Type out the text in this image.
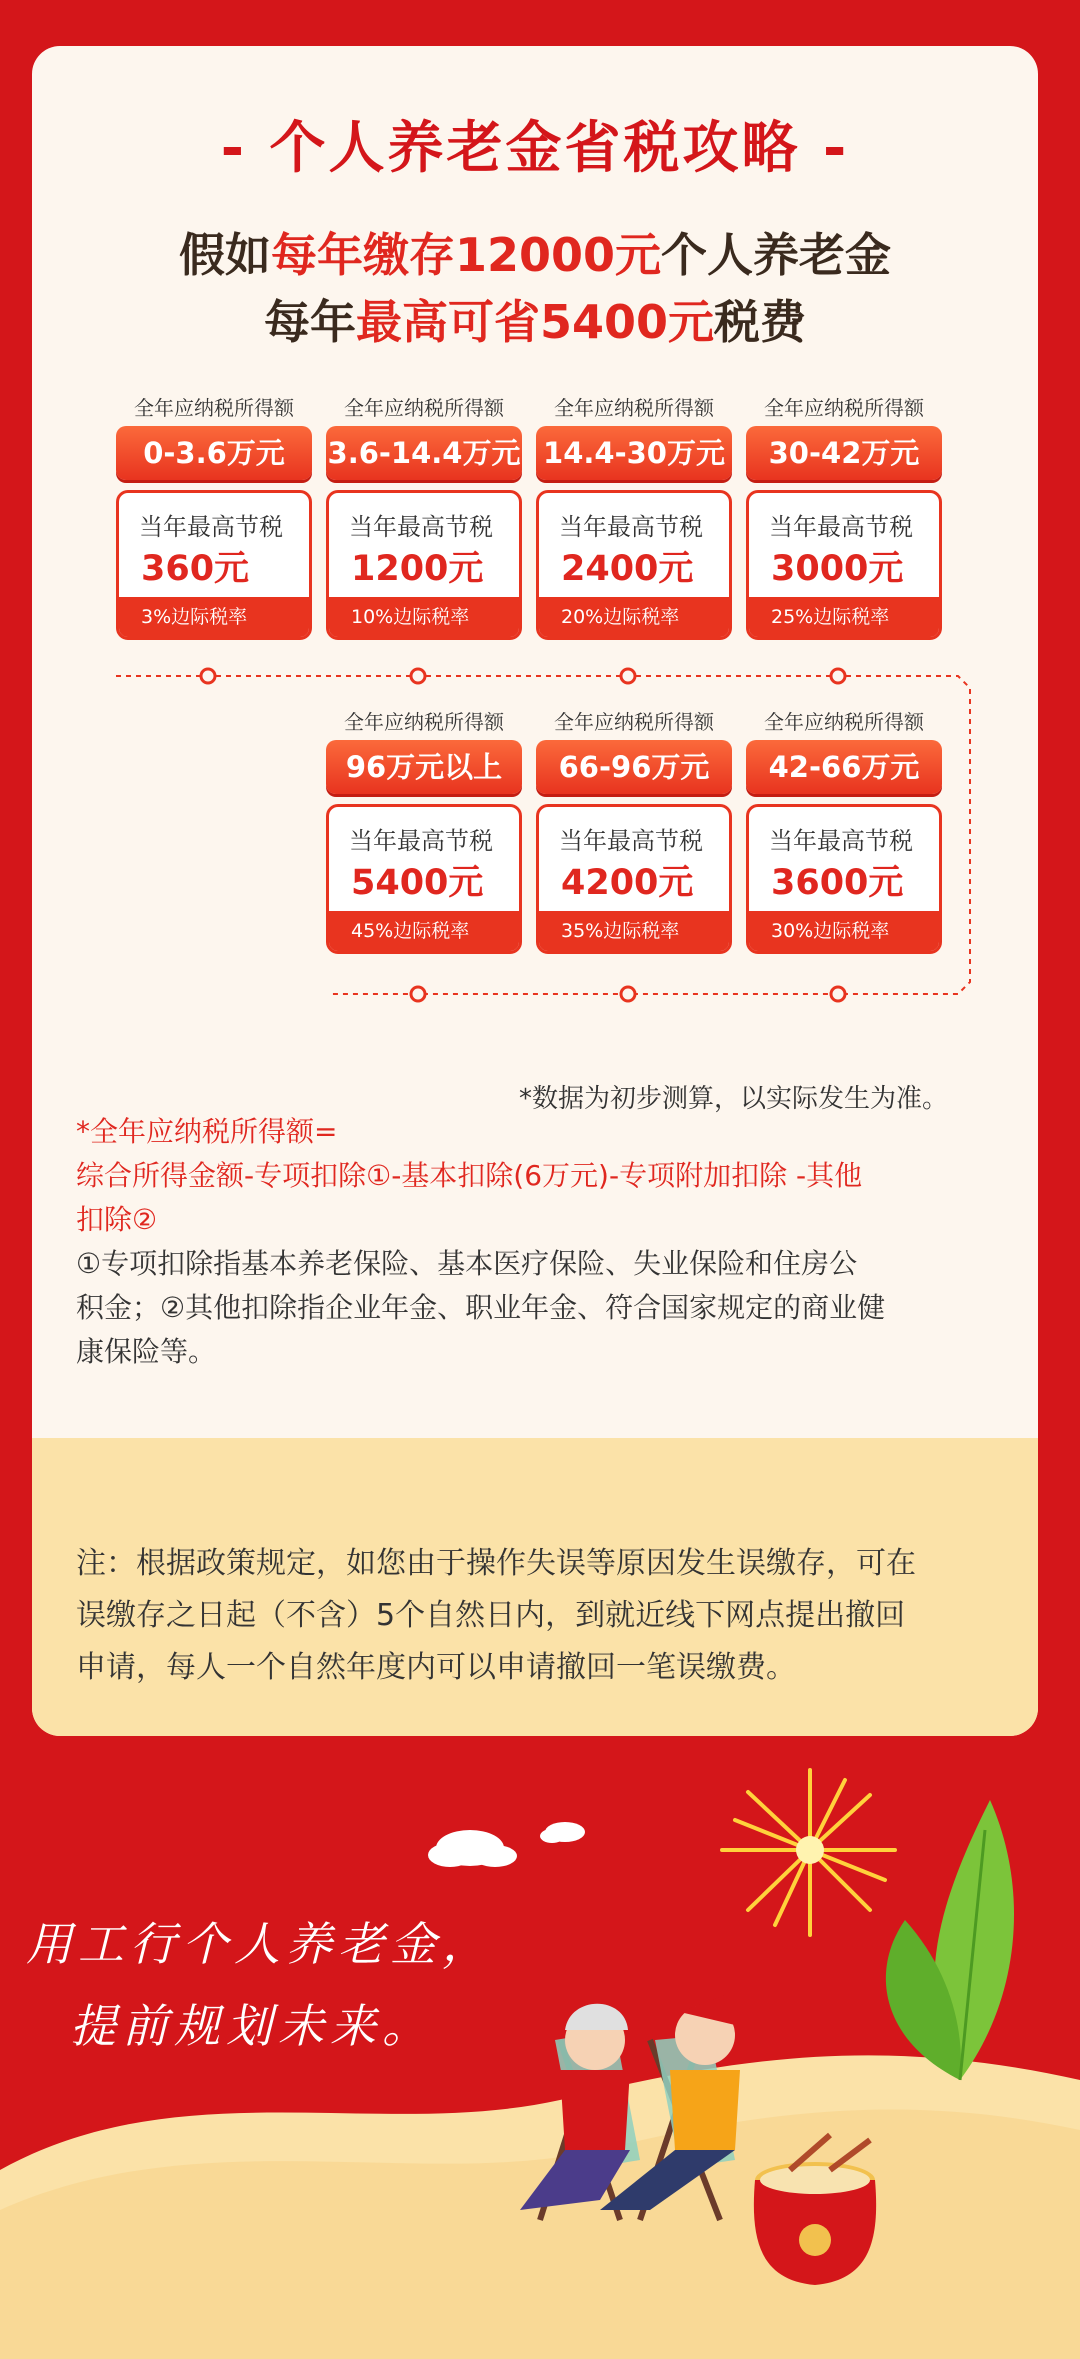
- 个人养老金省税攻略 -
假如每年缴存12000元个人养老金
每年最高可省5400元税费
全年应纳税所得额
0-3.6万元
当年最高节税
360元
3%边际税率
全年应纳税所得额
3.6-14.4万元
当年最高节税
1200元
10%边际税率
全年应纳税所得额
14.4-30万元
当年最高节税
2400元
20%边际税率
全年应纳税所得额
30-42万元
当年最高节税
3000元
25%边际税率
全年应纳税所得额
96万元以上
当年最高节税
5400元
45%边际税率
全年应纳税所得额
66-96万元
当年最高节税
4200元
35%边际税率
全年应纳税所得额
42-66万元
当年最高节税
3600元
30%边际税率
*数据为初步测算，以实际发生为准。
*全年应纳税所得额=
综合所得金额-专项扣除①-基本扣除(6万元)-专项附加扣除 -其他
扣除②
①专项扣除指基本养老保险、基本医疗保险、失业保险和住房公
积金；②其他扣除指企业年金、职业年金、符合国家规定的商业健
康保险等。
注：根据政策规定，如您由于操作失误等原因发生误缴存，可在
误缴存之日起（不含）5个自然日内，到就近线下网点提出撤回
申请，每人一个自然年度内可以申请撤回一笔误缴费。
用工行个人养老金，
提前规划未来。
